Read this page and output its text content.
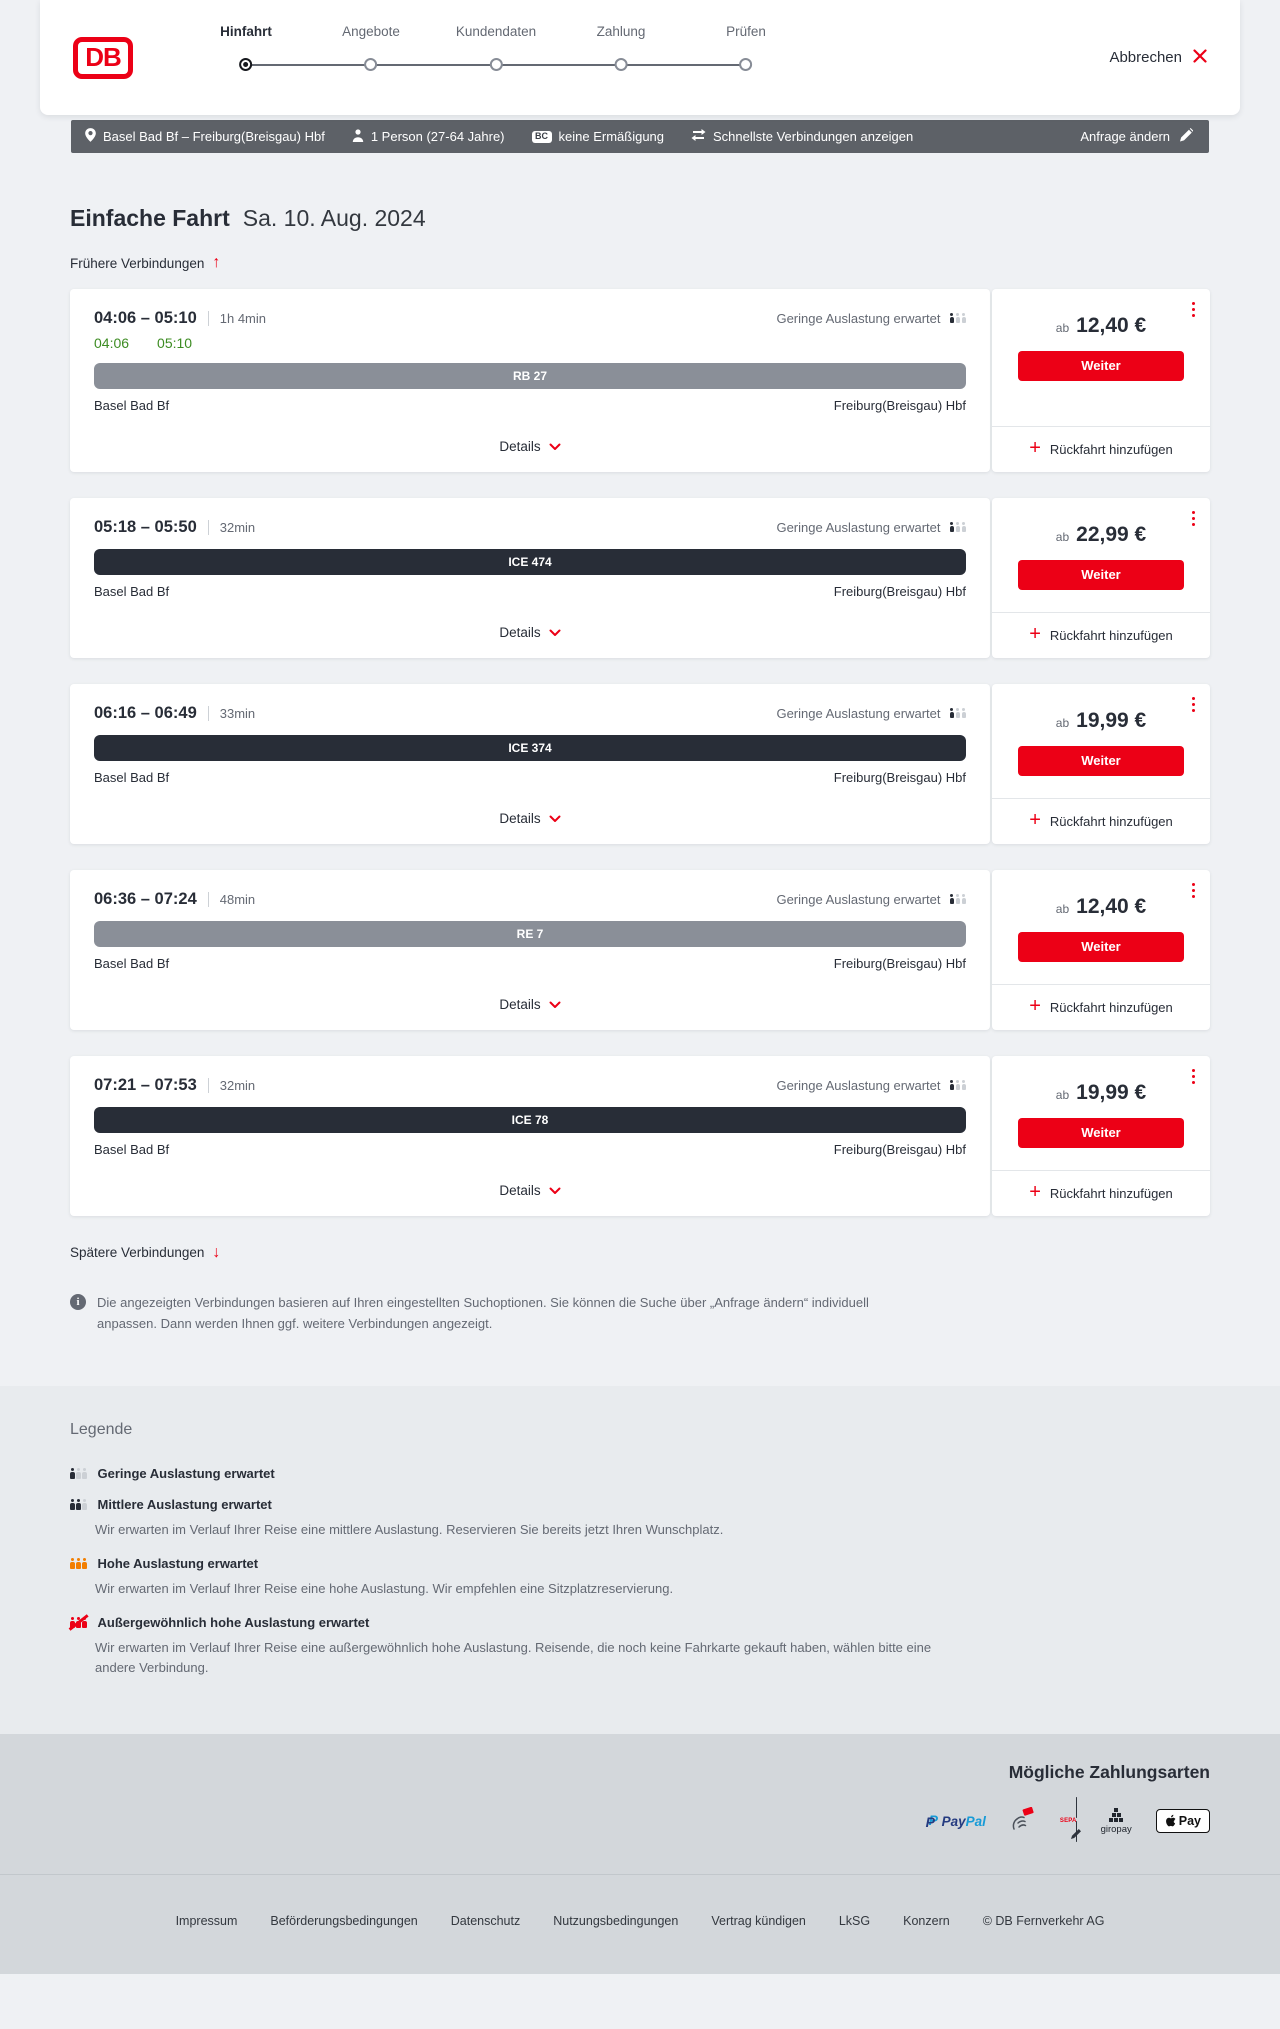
DB
Hinfahrt	Angebote	Kundendaten	Zahlung	Prüfen
Abbrechen
Basel Bad Bf – Freiburg(Breisgau) Hbf	1 Person (27-64 Jahre)	BC keine Ermäßigung	Schnellste Verbindungen anzeigen	Anfrage ändern
Einfache Fahrt Sa. 10. Aug. 2024
Frühere Verbindungen ↑
04:06 – 05:10 1h 4min	Geringe Auslastung erwartet
04:06 05:10
RB 27
Basel Bad Bf	Freiburg(Breisgau) Hbf
Details
ab 12,40 €
Weiter
+ Rückfahrt hinzufügen
05:18 – 05:50 32min	Geringe Auslastung erwartet
ICE 474
Basel Bad Bf	Freiburg(Breisgau) Hbf
Details
ab 22,99 €
Weiter
+ Rückfahrt hinzufügen
06:16 – 06:49 33min	Geringe Auslastung erwartet
ICE 374
Basel Bad Bf	Freiburg(Breisgau) Hbf
Details
ab 19,99 €
Weiter
+ Rückfahrt hinzufügen
06:36 – 07:24 48min	Geringe Auslastung erwartet
RE 7
Basel Bad Bf	Freiburg(Breisgau) Hbf
Details
ab 12,40 €
Weiter
+ Rückfahrt hinzufügen
07:21 – 07:53 32min	Geringe Auslastung erwartet
ICE 78
Basel Bad Bf	Freiburg(Breisgau) Hbf
Details
ab 19,99 €
Weiter
+ Rückfahrt hinzufügen
Spätere Verbindungen ↓
i

Die angezeigten Verbindungen basieren auf Ihren eingestellten Suchoptionen. Sie können die Suche über „Anfrage ändern“ individuell anpassen. Dann werden Ihnen ggf. weitere Verbindungen angezeigt.

Legende
Geringe Auslastung erwartet
Mittlere Auslastung erwartet

Wir erwarten im Verlauf Ihrer Reise eine mittlere Auslastung. Reservieren Sie bereits jetzt Ihren Wunschplatz.

Hohe Auslastung erwartet

Wir erwarten im Verlauf Ihrer Reise eine hohe Auslastung. Wir empfehlen eine Sitzplatzreservierung.

Außergewöhnlich hohe Auslastung erwartet

Wir erwarten im Verlauf Ihrer Reise eine außergewöhnlich hohe Auslastung. Reisende, die noch keine Fahrkarte gekauft haben, wählen bitte eine andere Verbindung.

Mögliche Zahlungsarten
P P
PayPal	SEPA
giropay
Pay
Impressum	Beförderungsbedingungen	Datenschutz	Nutzungsbedingungen	Vertrag kündigen	LkSG	Konzern	© DB Fernverkehr AG
